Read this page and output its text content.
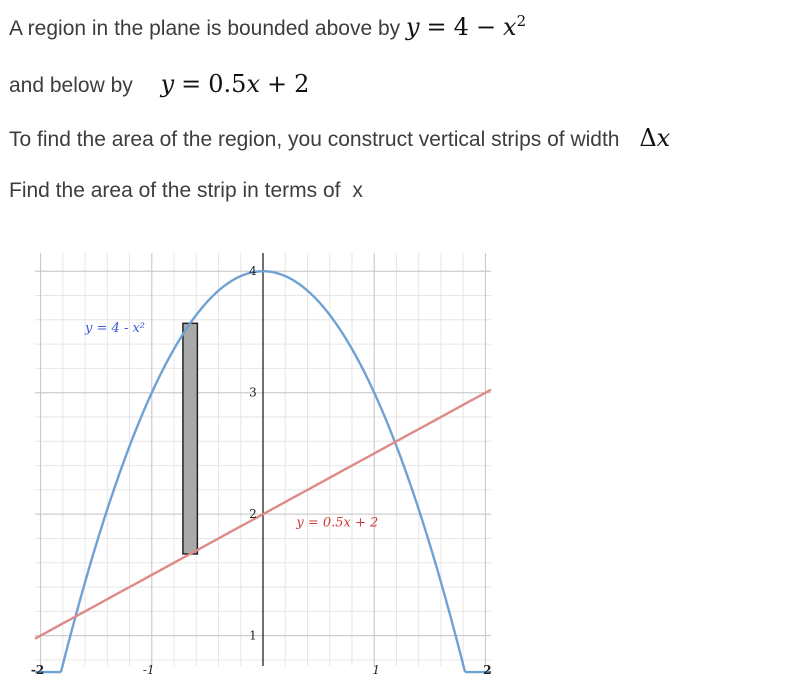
A region in the plane is bounded above by $y = 4 - x^2$
and below by y = 0.5x + 2
To find the area of the region, you construct vertical strips of width Δx
Find the area of the strip in terms of x
-2	-1	1	2
1
2
3
4
y = 4 - x²
y = 0.5x + 2
